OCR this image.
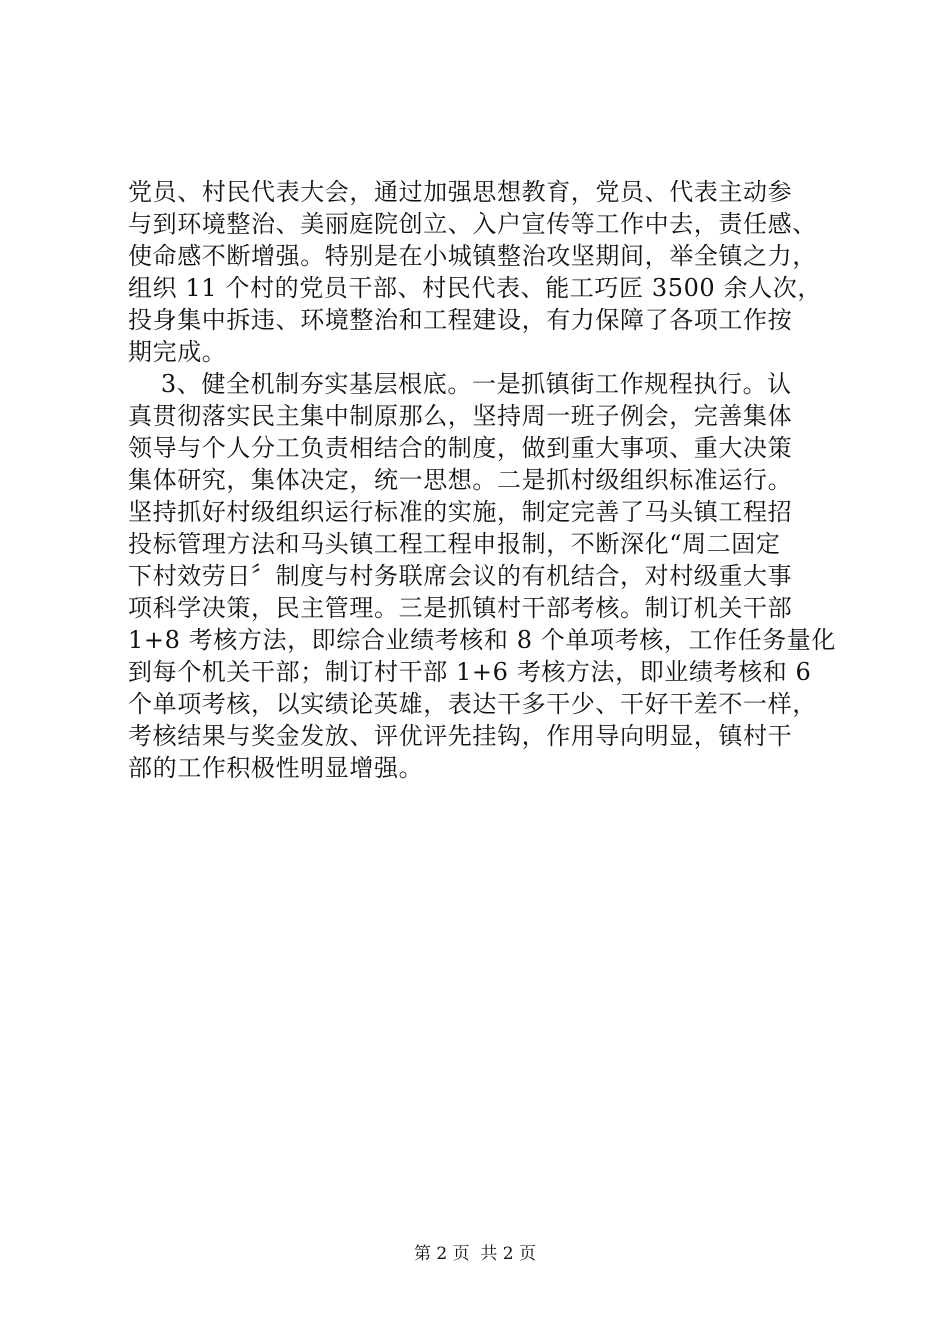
党员、村民代表大会，通过加强思想教育，党员、代表主动参
与到环境整治、美丽庭院创立、入户宣传等工作中去，责任感、
使命感不断增强。特别是在小城镇整治攻坚期间，举全镇之力，
组织 11 个村的党员干部、村民代表、能工巧匠 3500 余人次，
投身集中拆违、环境整治和工程建设，有力保障了各项工作按
期完成。
3、健全机制夯实基层根底。一是抓镇街工作规程执行。认
真贯彻落实民主集中制原那么，坚持周一班子例会，完善集体
领导与个人分工负责相结合的制度，做到重大事项、重大决策
集体研究，集体决定，统一思想。二是抓村级组织标准运行。
坚持抓好村级组织运行标准的实施，制定完善了马头镇工程招
投标管理方法和马头镇工程工程申报制，不断深化“周二固定
下村效劳日〞制度与村务联席会议的有机结合，对村级重大事
项科学决策，民主管理。三是抓镇村干部考核。制订机关干部
1+8 考核方法，即综合业绩考核和 8 个单项考核，工作任务量化
到每个机关干部；制订村干部 1+6 考核方法，即业绩考核和 6
个单项考核，以实绩论英雄，表达干多干少、干好干差不一样，
考核结果与奖金发放、评优评先挂钩，作用导向明显，镇村干
部的工作积极性明显增强。
第 2 页  共 2 页
